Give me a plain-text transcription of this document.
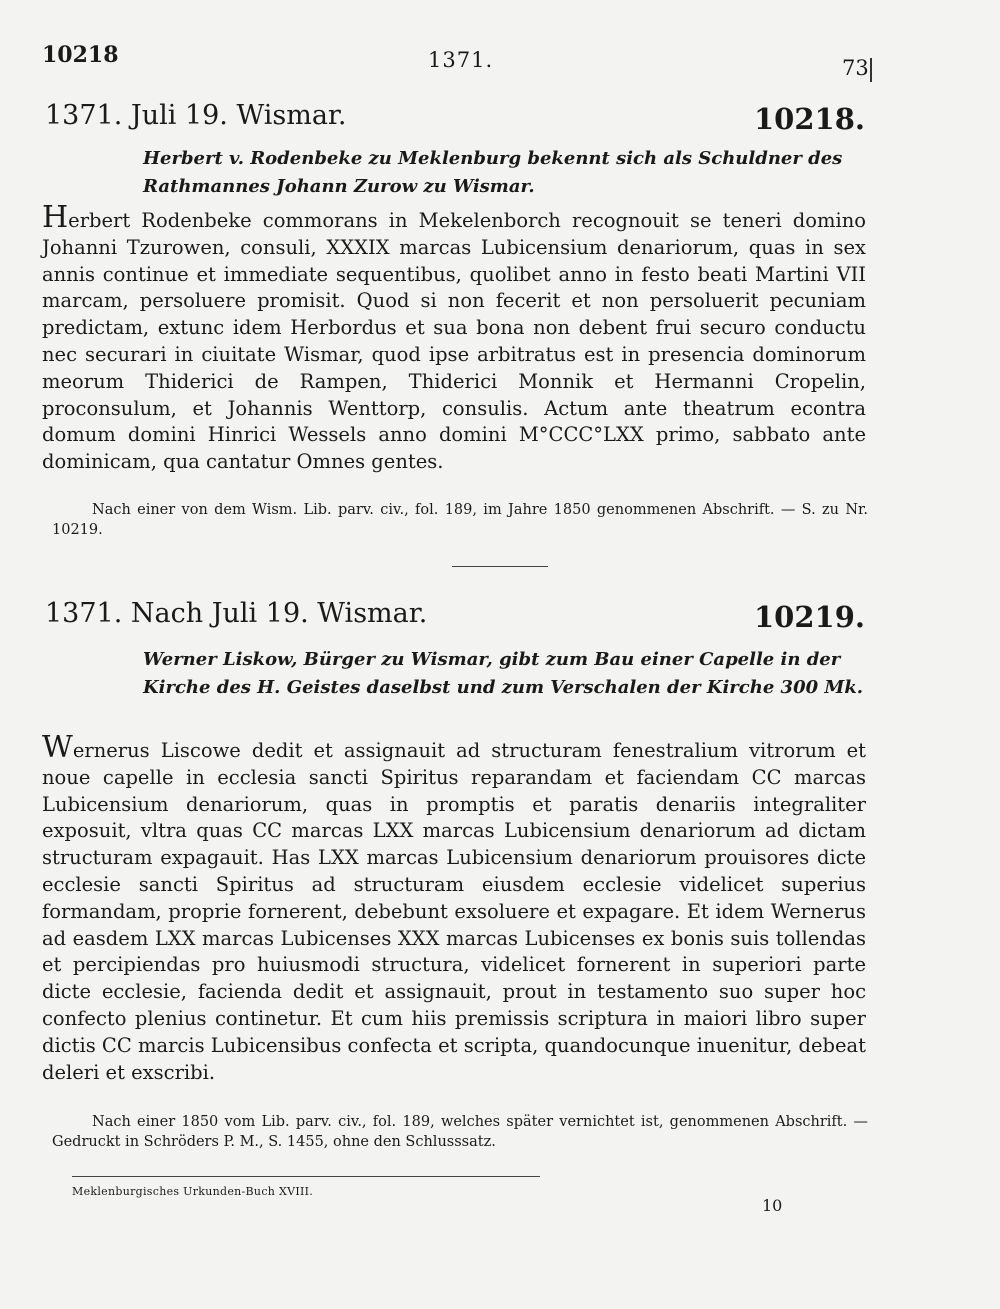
10218	1371.	73
1371. Juli 19. Wismar.	10218.
Herbert v. Rodenbeke zu Meklenburg bekennt sich als Schuldner des Rathmannes Johann Zurow zu Wismar.

Herbert Rodenbeke commorans in Mekelenborch recognouit se teneri domino Johanni Tzurowen, consuli, XXXIX marcas Lubicensium denariorum, quas in sex annis continue et immediate sequentibus, quolibet anno in festo beati Martini VII marcam, persoluere promisit. Quod si non fecerit et non persoluerit pecuniam predictam, extunc idem Herbordus et sua bona non debent frui securo conductu nec securari in ciuitate Wismar, quod ipse arbitratus est in presencia dominorum meorum Thiderici de Rampen, Thiderici Monnik et Hermanni Cropelin, proconsulum, et Johannis Wenttorp, consulis. Actum ante theatrum econtra domum domini Hinrici Wessels anno domini M°CCC°LXX primo, sabbato ante dominicam, qua cantatur Omnes gentes.

Nach einer von dem Wism. Lib. parv. civ., fol. 189, im Jahre 1850 genommenen Abschrift. — S. zu Nr. 10219.

1371. Nach Juli 19. Wismar.	10219.
Werner Liskow, Bürger zu Wismar, gibt zum Bau einer Capelle in der Kirche des H. Geistes daselbst und zum Verschalen der Kirche 300 Mk.

Wernerus Liscowe dedit et assignauit ad structuram fenestralium vitrorum et noue capelle in ecclesia sancti Spiritus reparandam et faciendam CC marcas Lubicensium denariorum, quas in promptis et paratis denariis integraliter exposuit, vltra quas CC marcas LXX marcas Lubicensium denariorum ad dictam structuram expagauit. Has LXX marcas Lubicensium denariorum prouisores dicte ecclesie sancti Spiritus ad structuram eiusdem ecclesie videlicet superius formandam, proprie fornerent, debebunt exsoluere et expagare. Et idem Wernerus ad easdem LXX marcas Lubicenses XXX marcas Lubicenses ex bonis suis tollendas et percipiendas pro huiusmodi structura, videlicet fornerent in superiori parte dicte ecclesie, facienda dedit et assignauit, prout in testamento suo super hoc confecto plenius continetur. Et cum hiis premissis scriptura in maiori libro super dictis CC marcis Lubicensibus confecta et scripta, quandocunque inuenitur, debeat deleri et exscribi.

Nach einer 1850 vom Lib. parv. civ., fol. 189, welches später vernichtet ist, genommenen Abschrift. — Gedruckt in Schröders P. M., S. 1455, ohne den Schlusssatz.

Meklenburgisches Urkunden-Buch XVIII.
10
